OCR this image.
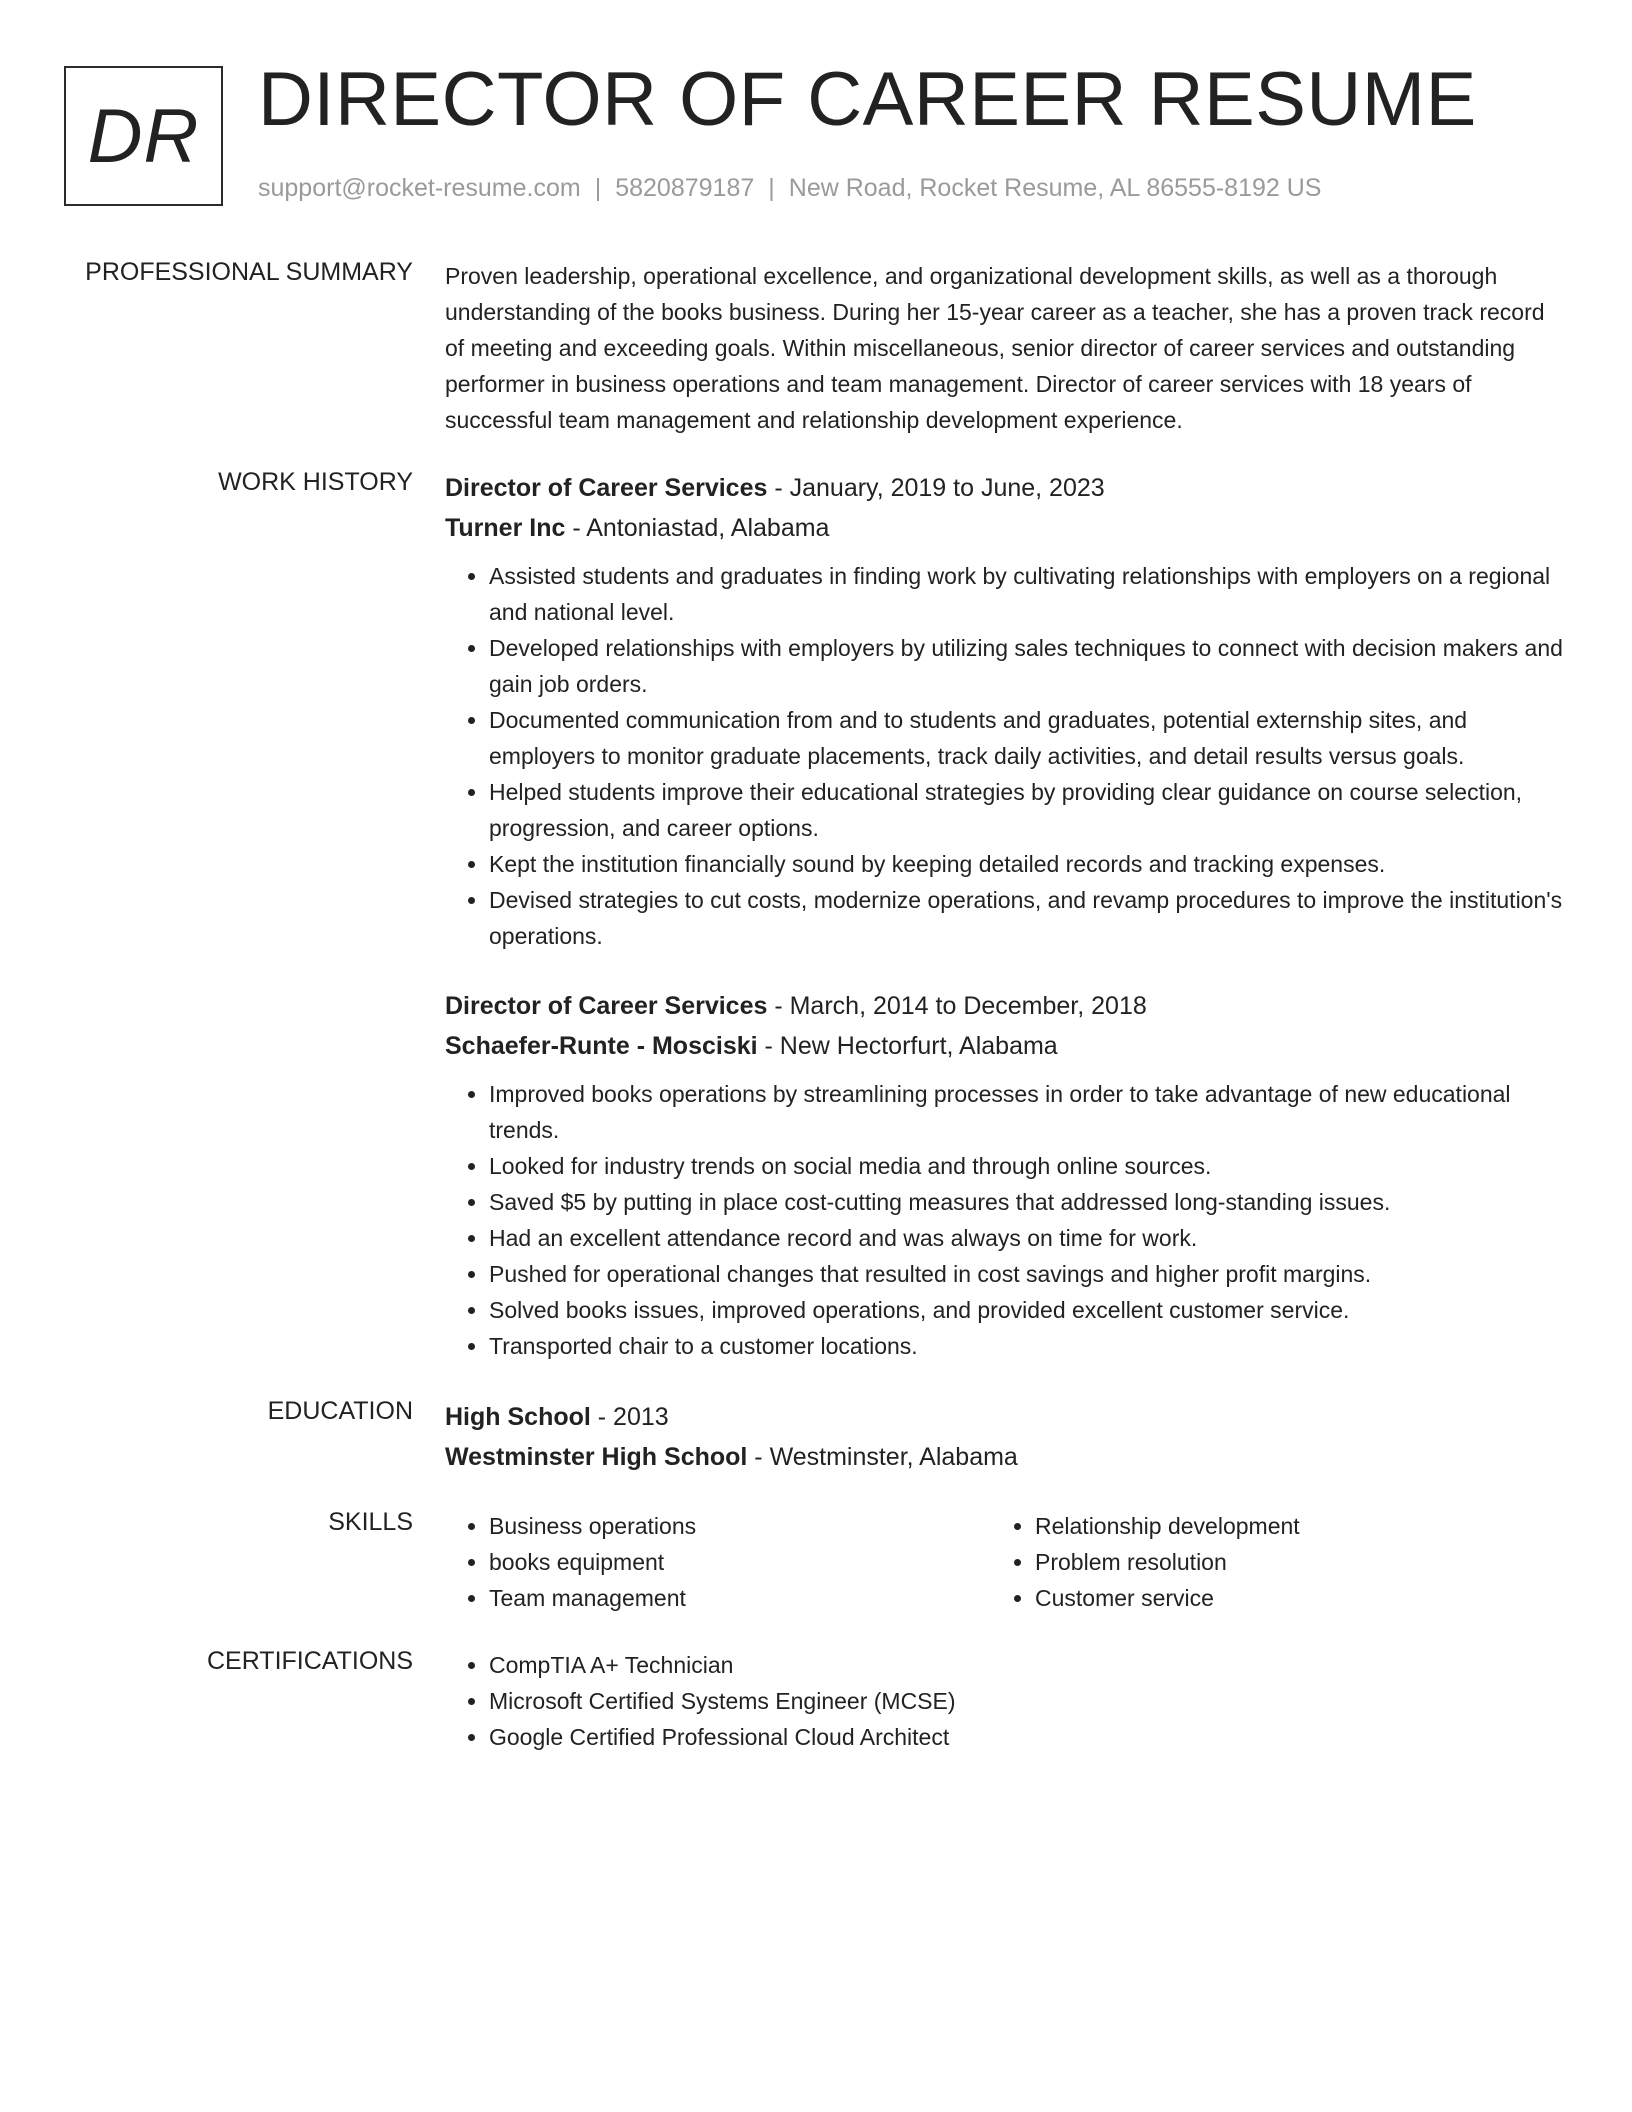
DR DIRECTOR OF CAREER RESUME
support@rocket-resume.com | 5820879187 | New Road, Rocket Resume, AL 86555-8192 US
PROFESSIONAL SUMMARY Proven leadership, operational excellence, and organizational development skills, as well as a thorough understanding of the books business. During her 15-year career as a teacher, she has a proven track record of meeting and exceeding goals. Within miscellaneous, senior director of career services and outstanding performer in business operations and team management. Director of career services with 18 years of successful team management and relationship development experience.

WORK HISTORY Director of Career Services - January, 2019 to June, 2023
Turner Inc - Antoniastad, Alabama
• Assisted students and graduates in finding work by cultivating relationships with employers on a regional and national level.
• Developed relationships with employers by utilizing sales techniques to connect with decision makers and gain job orders.
• Documented communication from and to students and graduates, potential externship sites, and employers to monitor graduate placements, track daily activities, and detail results versus goals.
• Helped students improve their educational strategies by providing clear guidance on course selection, progression, and career options.
• Kept the institution financially sound by keeping detailed records and tracking expenses.
• Devised strategies to cut costs, modernize operations, and revamp procedures to improve the institution's operations.
Director of Career Services - March, 2014 to December, 2018
Schaefer-Runte - Mosciski - New Hectorfurt, Alabama
• Improved books operations by streamlining processes in order to take advantage of new educational trends.
• Looked for industry trends on social media and through online sources.
• Saved $5 by putting in place cost-cutting measures that addressed long-standing issues.
• Had an excellent attendance record and was always on time for work.
• Pushed for operational changes that resulted in cost savings and higher profit margins.
• Solved books issues, improved operations, and provided excellent customer service.
• Transported chair to a customer locations.
EDUCATION High School - 2013
Westminster High School - Westminster, Alabama
SKILLS	• Business operations
• books equipment
• Team management
• Relationship development
• Problem resolution
• Customer service
CERTIFICATIONS	• CompTIA A+ Technician
• Microsoft Certified Systems Engineer (MCSE)
• Google Certified Professional Cloud Architect
